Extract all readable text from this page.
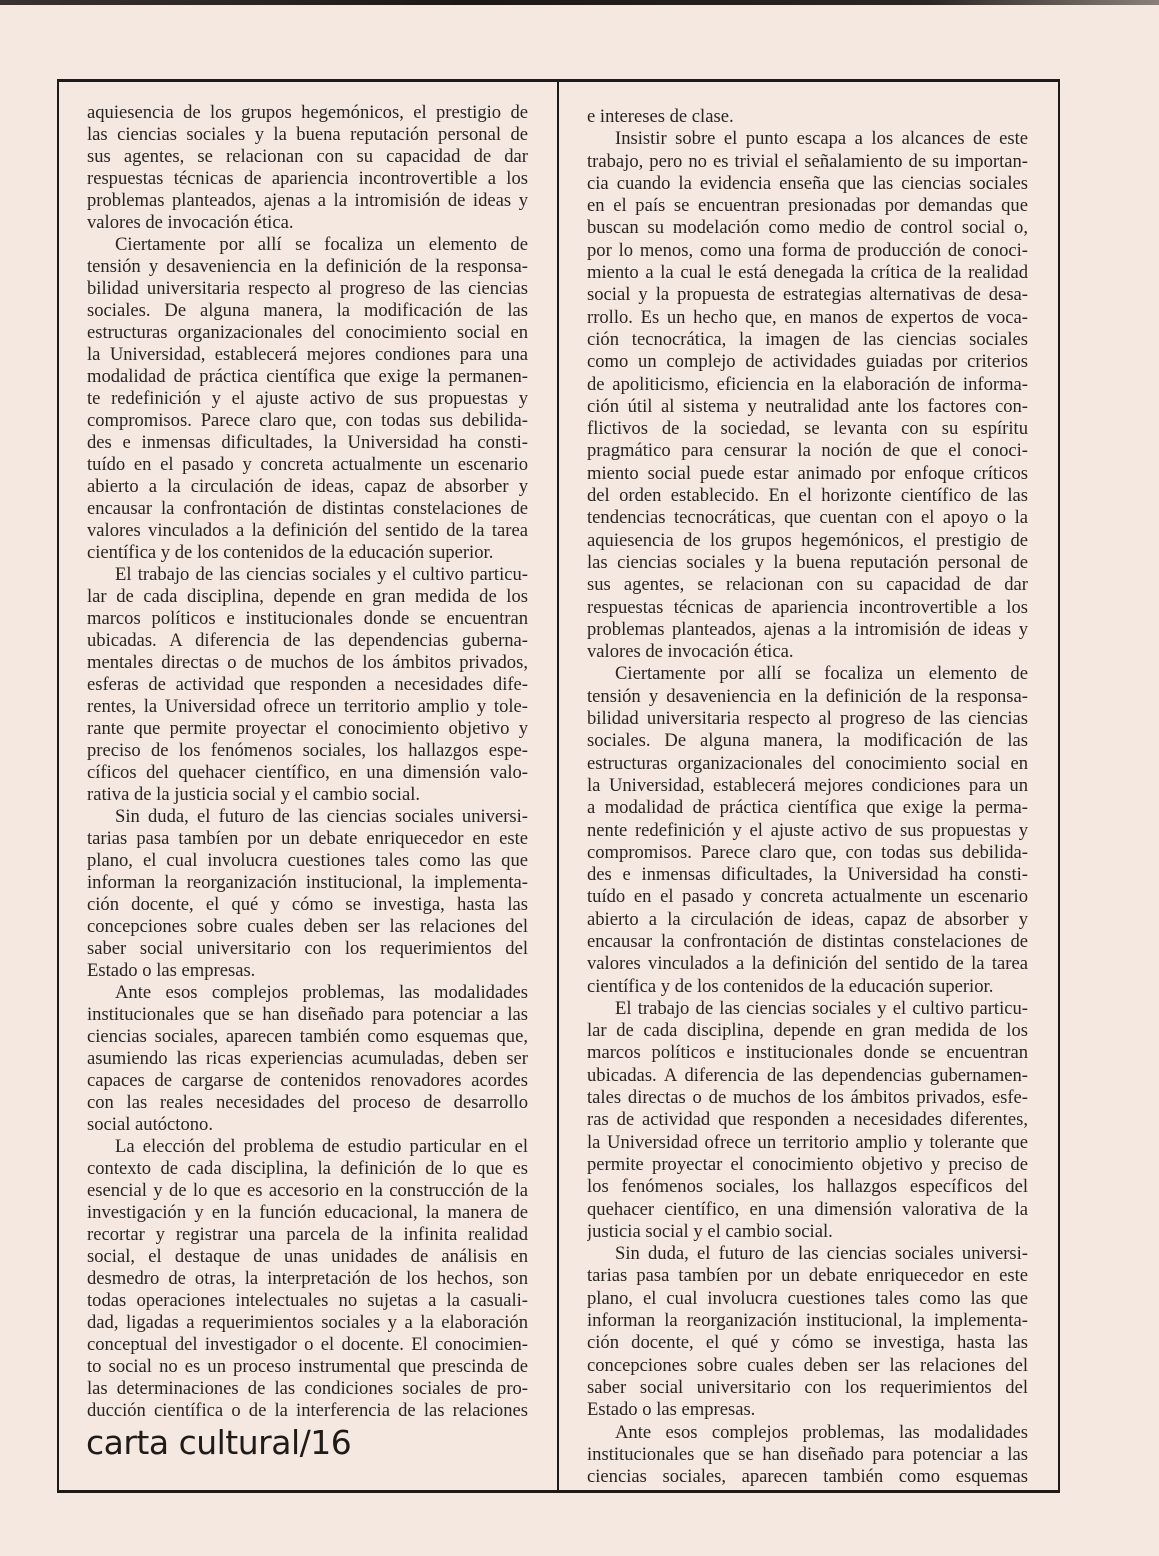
aquiesencia de los grupos hegemónicos, el prestigio de
las ciencias sociales y la buena reputación personal de
sus agentes, se relacionan con su capacidad de dar
respuestas técnicas de apariencia incontrovertible a los
problemas planteados, ajenas a la intromisión de ideas y
valores de invocación ética.
Ciertamente por allí se focaliza un elemento de
tensión y desaveniencia en la definición de la responsa-
bilidad universitaria respecto al progreso de las ciencias
sociales. De alguna manera, la modificación de las
estructuras organizacionales del conocimiento social en
la Universidad, establecerá mejores condiones para una
modalidad de práctica científica que exige la permanen-
te redefinición y el ajuste activo de sus propuestas y
compromisos. Parece claro que, con todas sus debilida-
des e inmensas dificultades, la Universidad ha consti-
tuído en el pasado y concreta actualmente un escenario
abierto a la circulación de ideas, capaz de absorber y
encausar la confrontación de distintas constelaciones de
valores vinculados a la definición del sentido de la tarea
científica y de los contenidos de la educación superior.
El trabajo de las ciencias sociales y el cultivo particu-
lar de cada disciplina, depende en gran medida de los
marcos políticos e institucionales donde se encuentran
ubicadas. A diferencia de las dependencias guberna-
mentales directas o de muchos de los ámbitos privados,
esferas de actividad que responden a necesidades dife-
rentes, la Universidad ofrece un territorio amplio y tole-
rante que permite proyectar el conocimiento objetivo y
preciso de los fenómenos sociales, los hallazgos espe-
cíficos del quehacer científico, en una dimensión valo-
rativa de la justicia social y el cambio social.
Sin duda, el futuro de las ciencias sociales universi-
tarias pasa tambíen por un debate enriquecedor en este
plano, el cual involucra cuestiones tales como las que
informan la reorganización institucional, la implementa-
ción docente, el qué y cómo se investiga, hasta las
concepciones sobre cuales deben ser las relaciones del
saber social universitario con los requerimientos del
Estado o las empresas.
Ante esos complejos problemas, las modalidades
institucionales que se han diseñado para potenciar a las
ciencias sociales, aparecen también como esquemas que,
asumiendo las ricas experiencias acumuladas, deben ser
capaces de cargarse de contenidos renovadores acordes
con las reales necesidades del proceso de desarrollo
social autóctono.
La elección del problema de estudio particular en el
contexto de cada disciplina, la definición de lo que es
esencial y de lo que es accesorio en la construcción de la
investigación y en la función educacional, la manera de
recortar y registrar una parcela de la infinita realidad
social, el destaque de unas unidades de análisis en
desmedro de otras, la interpretación de los hechos, son
todas operaciones intelectuales no sujetas a la casuali-
dad, ligadas a requerimientos sociales y a la elaboración
conceptual del investigador o el docente. El conocimien-
to social no es un proceso instrumental que prescinda de
las determinaciones de las condiciones sociales de pro-
ducción científica o de la interferencia de las relaciones
e intereses de clase.
Insistir sobre el punto escapa a los alcances de este
trabajo, pero no es trivial el señalamiento de su importan-
cia cuando la evidencia enseña que las ciencias sociales
en el país se encuentran presionadas por demandas que
buscan su modelación como medio de control social o,
por lo menos, como una forma de producción de conoci-
miento a la cual le está denegada la crítica de la realidad
social y la propuesta de estrategias alternativas de desa-
rrollo. Es un hecho que, en manos de expertos de voca-
ción tecnocrática, la imagen de las ciencias sociales
como un complejo de actividades guiadas por criterios
de apoliticismo, eficiencia en la elaboración de informa-
ción útil al sistema y neutralidad ante los factores con-
flictivos de la sociedad, se levanta con su espíritu
pragmático para censurar la noción de que el conoci-
miento social puede estar animado por enfoque críticos
del orden establecido. En el horizonte científico de las
tendencias tecnocráticas, que cuentan con el apoyo o la
aquiesencia de los grupos hegemónicos, el prestigio de
las ciencias sociales y la buena reputación personal de
sus agentes, se relacionan con su capacidad de dar
respuestas técnicas de apariencia incontrovertible a los
problemas planteados, ajenas a la intromisión de ideas y
valores de invocación ética.
Ciertamente por allí se focaliza un elemento de
tensión y desaveniencia en la definición de la responsa-
bilidad universitaria respecto al progreso de las ciencias
sociales. De alguna manera, la modificación de las
estructuras organizacionales del conocimiento social en
la Universidad, establecerá mejores condiciones para un
a modalidad de práctica científica que exige la perma-
nente redefinición y el ajuste activo de sus propuestas y
compromisos. Parece claro que, con todas sus debilida-
des e inmensas dificultades, la Universidad ha consti-
tuído en el pasado y concreta actualmente un escenario
abierto a la circulación de ideas, capaz de absorber y
encausar la confrontación de distintas constelaciones de
valores vinculados a la definición del sentido de la tarea
científica y de los contenidos de la educación superior.
El trabajo de las ciencias sociales y el cultivo particu-
lar de cada disciplina, depende en gran medida de los
marcos políticos e institucionales donde se encuentran
ubicadas. A diferencia de las dependencias gubernamen-
tales directas o de muchos de los ámbitos privados, esfe-
ras de actividad que responden a necesidades diferentes,
la Universidad ofrece un territorio amplio y tolerante que
permite proyectar el conocimiento objetivo y preciso de
los fenómenos sociales, los hallazgos específicos del
quehacer científico, en una dimensión valorativa de la
justicia social y el cambio social.
Sin duda, el futuro de las ciencias sociales universi-
tarias pasa tambíen por un debate enriquecedor en este
plano, el cual involucra cuestiones tales como las que
informan la reorganización institucional, la implementa-
ción docente, el qué y cómo se investiga, hasta las
concepciones sobre cuales deben ser las relaciones del
saber social universitario con los requerimientos del
Estado o las empresas.
Ante esos complejos problemas, las modalidades
institucionales que se han diseñado para potenciar a las
ciencias sociales, aparecen también como esquemas
carta cultural/16
